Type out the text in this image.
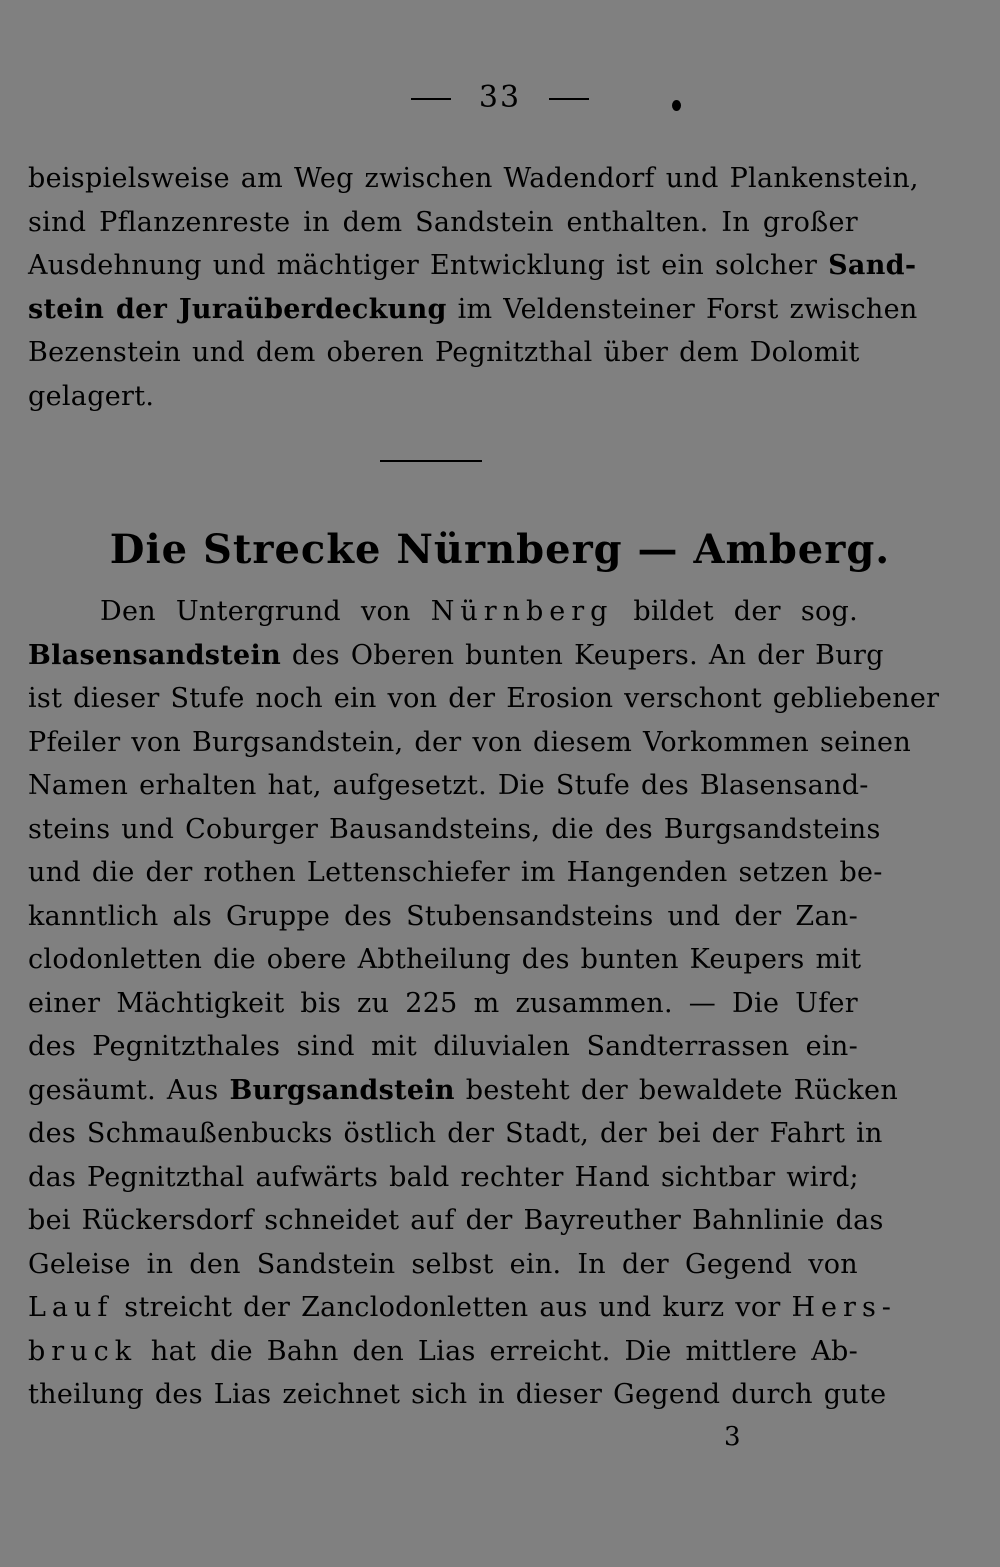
33
beispielsweise am Weg zwischen Wadendorf und Plankenstein,
sind Pflanzenreste in dem Sandstein enthalten. In großer
Ausdehnung und mächtiger Entwicklung ist ein solcher Sand-
stein der Juraüberdeckung im Veldensteiner Forst zwischen
Bezenstein und dem oberen Pegnitzthal über dem Dolomit
gelagert.
Die Strecke Nürnberg — Amberg.
Den Untergrund von Nürnberg bildet der sog.
Blasensandstein des Oberen bunten Keupers. An der Burg
ist dieser Stufe noch ein von der Erosion verschont gebliebener
Pfeiler von Burgsandstein, der von diesem Vorkommen seinen
Namen erhalten hat, aufgesetzt. Die Stufe des Blasensand-
steins und Coburger Bausandsteins, die des Burgsandsteins
und die der rothen Lettenschiefer im Hangenden setzen be-
kanntlich als Gruppe des Stubensandsteins und der Zan-
clodonletten die obere Abtheilung des bunten Keupers mit
einer Mächtigkeit bis zu 225 m zusammen. — Die Ufer
des Pegnitzthales sind mit diluvialen Sandterrassen ein-
gesäumt. Aus Burgsandstein besteht der bewaldete Rücken
des Schmaußenbucks östlich der Stadt, der bei der Fahrt in
das Pegnitzthal aufwärts bald rechter Hand sichtbar wird;
bei Rückersdorf schneidet auf der Bayreuther Bahnlinie das
Geleise in den Sandstein selbst ein. In der Gegend von
Lauf streicht der Zanclodonletten aus und kurz vor Hers-
bruck hat die Bahn den Lias erreicht. Die mittlere Ab-
theilung des Lias zeichnet sich in dieser Gegend durch gute
3
